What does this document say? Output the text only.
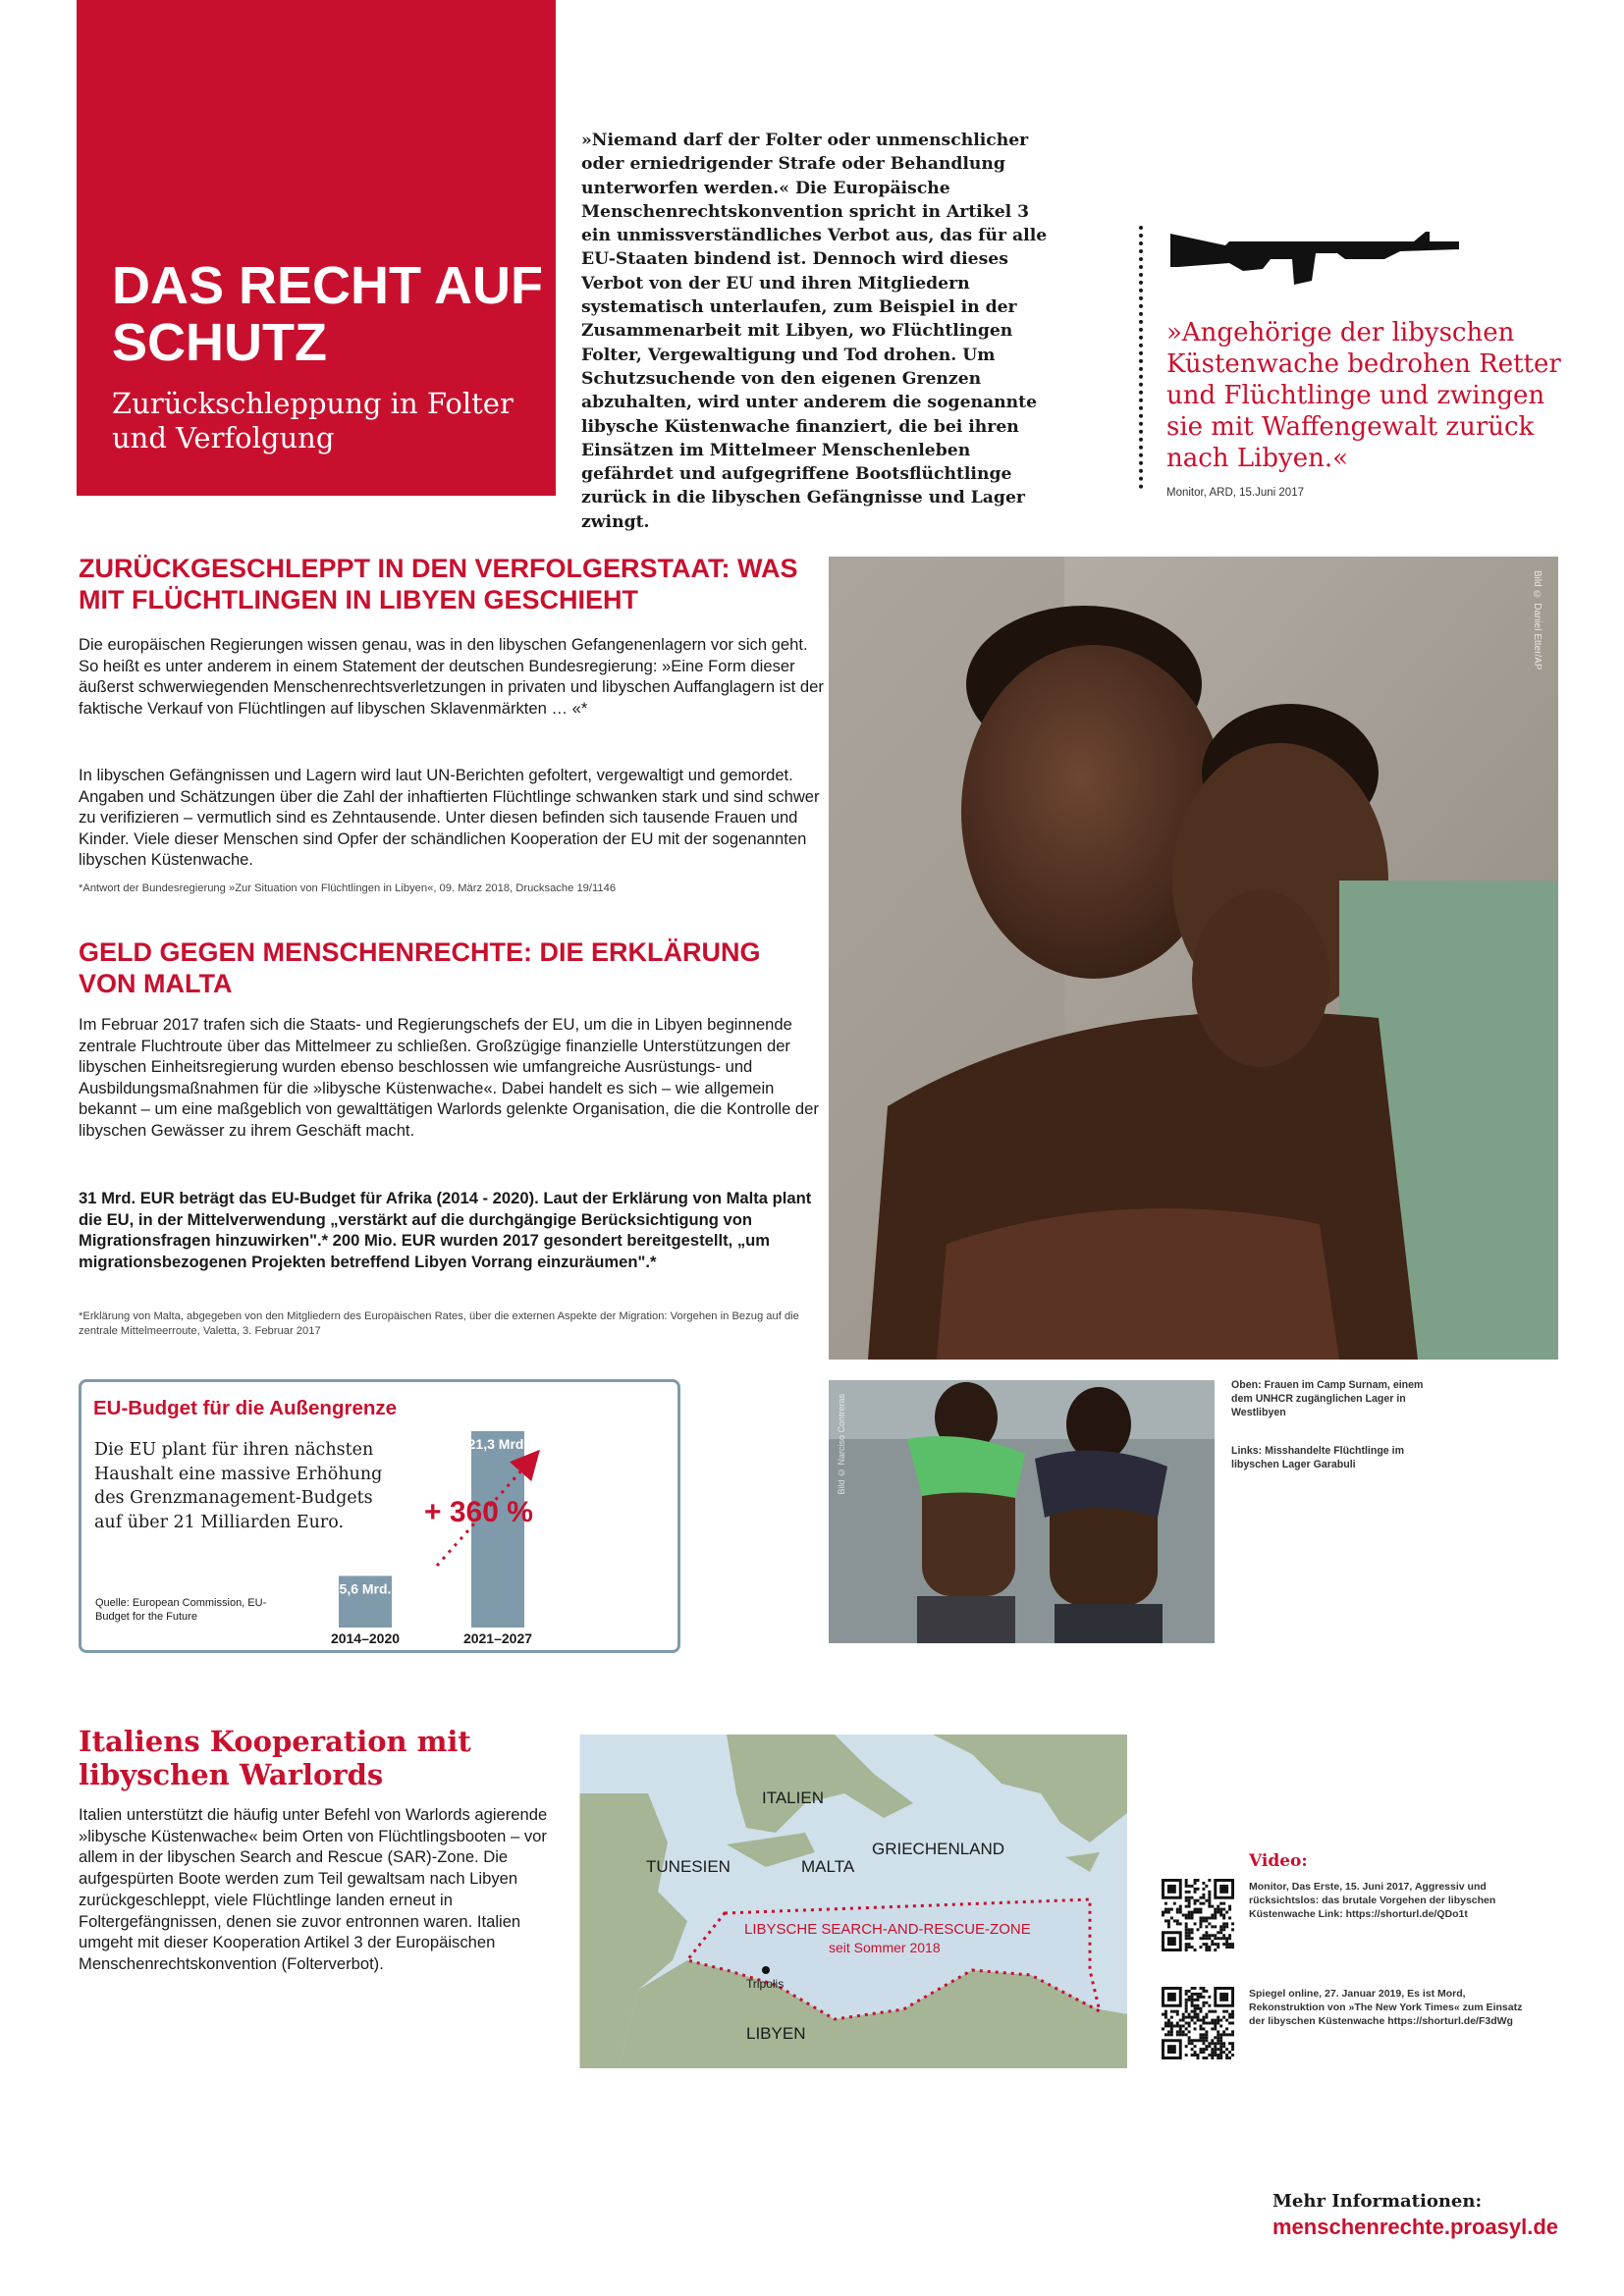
DAS RECHT AUF SCHUTZ
Zurückschleppung in Folter und Verfolgung

»Niemand darf der Folter oder unmenschlicher oder erniedrigender Strafe oder Behandlung unterworfen werden.« Die Europäische Menschenrechtskonvention spricht in Artikel 3 ein unmissverständliches Verbot aus, das für alle EU-Staaten bindend ist. Dennoch wird dieses Verbot von der EU und ihren Mitgliedern systematisch unterlaufen, zum Beispiel in der Zusammenarbeit mit Libyen, wo Flüchtlingen Folter, Vergewaltigung und Tod drohen. Um Schutzsuchende von den eigenen Grenzen abzuhalten, wird unter anderem die sogenannte libysche Küstenwache finanziert, die bei ihren Einsätzen im Mittelmeer Menschenleben gefährdet und aufgegriffene Bootsflüchtlinge zurück in die libyschen Gefängnisse und Lager zwingt.

»Angehörige der libyschen Küstenwache bedrohen Retter und Flüchtlinge und zwingen sie mit Waffengewalt zurück nach Libyen.«

Monitor, ARD, 15.Juni 2017
ZURÜCKGESCHLEPPT IN DEN VERFOLGERSTAAT: WAS MIT FLÜCHTLINGEN IN LIBYEN GESCHIEHT

Die europäischen Regierungen wissen genau, was in den libyschen Gefangenenlagern vor sich geht. So heißt es unter anderem in einem Statement der deutschen Bundesregierung: »Eine Form dieser äußerst schwerwiegenden Menschenrechtsverletzungen in privaten und libyschen Auffanglagern ist der faktische Verkauf von Flüchtlingen auf libyschen Sklavenmärkten … «*

In libyschen Gefängnissen und Lagern wird laut UN-Berichten gefoltert, vergewaltigt und gemordet. Angaben und Schätzungen über die Zahl der inhaftierten Flüchtlinge schwanken stark und sind schwer zu verifizieren – vermutlich sind es Zehntausende. Unter diesen befinden sich tausende Frauen und Kinder. Viele dieser Menschen sind Opfer der schändlichen Kooperation der EU mit der sogenannten libyschen Küstenwache.

*Antwort der Bundesregierung »Zur Situation von Flüchtlingen in Libyen«, 09. März 2018, Drucksache 19/1146

GELD GEGEN MENSCHENRECHTE: DIE ERKLÄRUNG VON MALTA

Im Februar 2017 trafen sich die Staats- und Regierungschefs der EU, um die in Libyen beginnende zentrale Fluchtroute über das Mittelmeer zu schließen. Großzügige finanzielle Unterstützungen der libyschen Einheitsregierung wurden ebenso beschlossen wie umfangreiche Ausrüstungs- und Ausbildungsmaßnahmen für die »libysche Küstenwache«. Dabei handelt es sich – wie allgemein bekannt – um eine maßgeblich von gewalttätigen Warlords gelenkte Organisation, die die Kontrolle der libyschen Gewässer zu ihrem Geschäft macht.

31 Mrd. EUR beträgt das EU-Budget für Afrika (2014 - 2020). Laut der Erklärung von Malta plant die EU, in der Mittelverwendung „verstärkt auf die durchgängige Berücksichtigung von Migrationsfragen hinzuwirken".* 200 Mio. EUR wurden 2017 gesondert bereitgestellt, „um migrationsbezogenen Projekten betreffend Libyen Vorrang einzuräumen".*

*Erklärung von Malta, abgegeben von den Mitgliedern des Europäischen Rates, über die externen Aspekte der Migration: Vorgehen in Bezug auf die zentrale Mittelmeerroute, Valetta, 3. Februar 2017

Bild © Daniel Etter/AP
EU-Budget für die Außengrenze

Die EU plant für ihren nächsten Haushalt eine massive Erhöhung des Grenzmanagement-Budgets auf über 21 Milliarden Euro.

Quelle: European Commission, EU-Budget for the Future
5,6 Mrd.
2014–2020
21,3 Mrd.
2021–2027
+ 360 %
Bild © Narciso Contreras

Oben: Frauen im Camp Surnam, einem dem UNHCR zugänglichen Lager in Westlibyen

Links: Misshandelte Flüchtlinge im libyschen Lager Garabuli

Italiens Kooperation mit libyschen Warlords

Italien unterstützt die häufig unter Befehl von Warlords agierende »libysche Küstenwache« beim Orten von Flüchtlingsbooten – vor allem in der libyschen Search and Rescue (SAR)-Zone. Die aufgespürten Boote werden zum Teil gewaltsam nach Libyen zurückgeschleppt, viele Flüchtlinge landen erneut in Foltergefängnissen, denen sie zuvor entronnen waren. Italien umgeht mit dieser Kooperation Artikel 3 der Europäischen Menschenrechtskonvention (Folterverbot).

ITALIEN
TUNESIEN	MALTA
GRIECHENLAND
LIBYEN
Tripolis
LIBYSCHE SEARCH-AND-RESCUE-ZONE
seit Sommer 2018
Video:

Monitor, Das Erste, 15. Juni 2017, Aggressiv und rücksichtslos: das brutale Vorgehen der libyschen Küstenwache Link: https://shorturl.de/QDo1t

Spiegel online, 27. Januar 2019, Es ist Mord, Rekonstruktion von »The New York Times« zum Einsatz der libyschen Küstenwache https://shorturl.de/F3dWg

Mehr Informationen:
menschenrechte.proasyl.de
